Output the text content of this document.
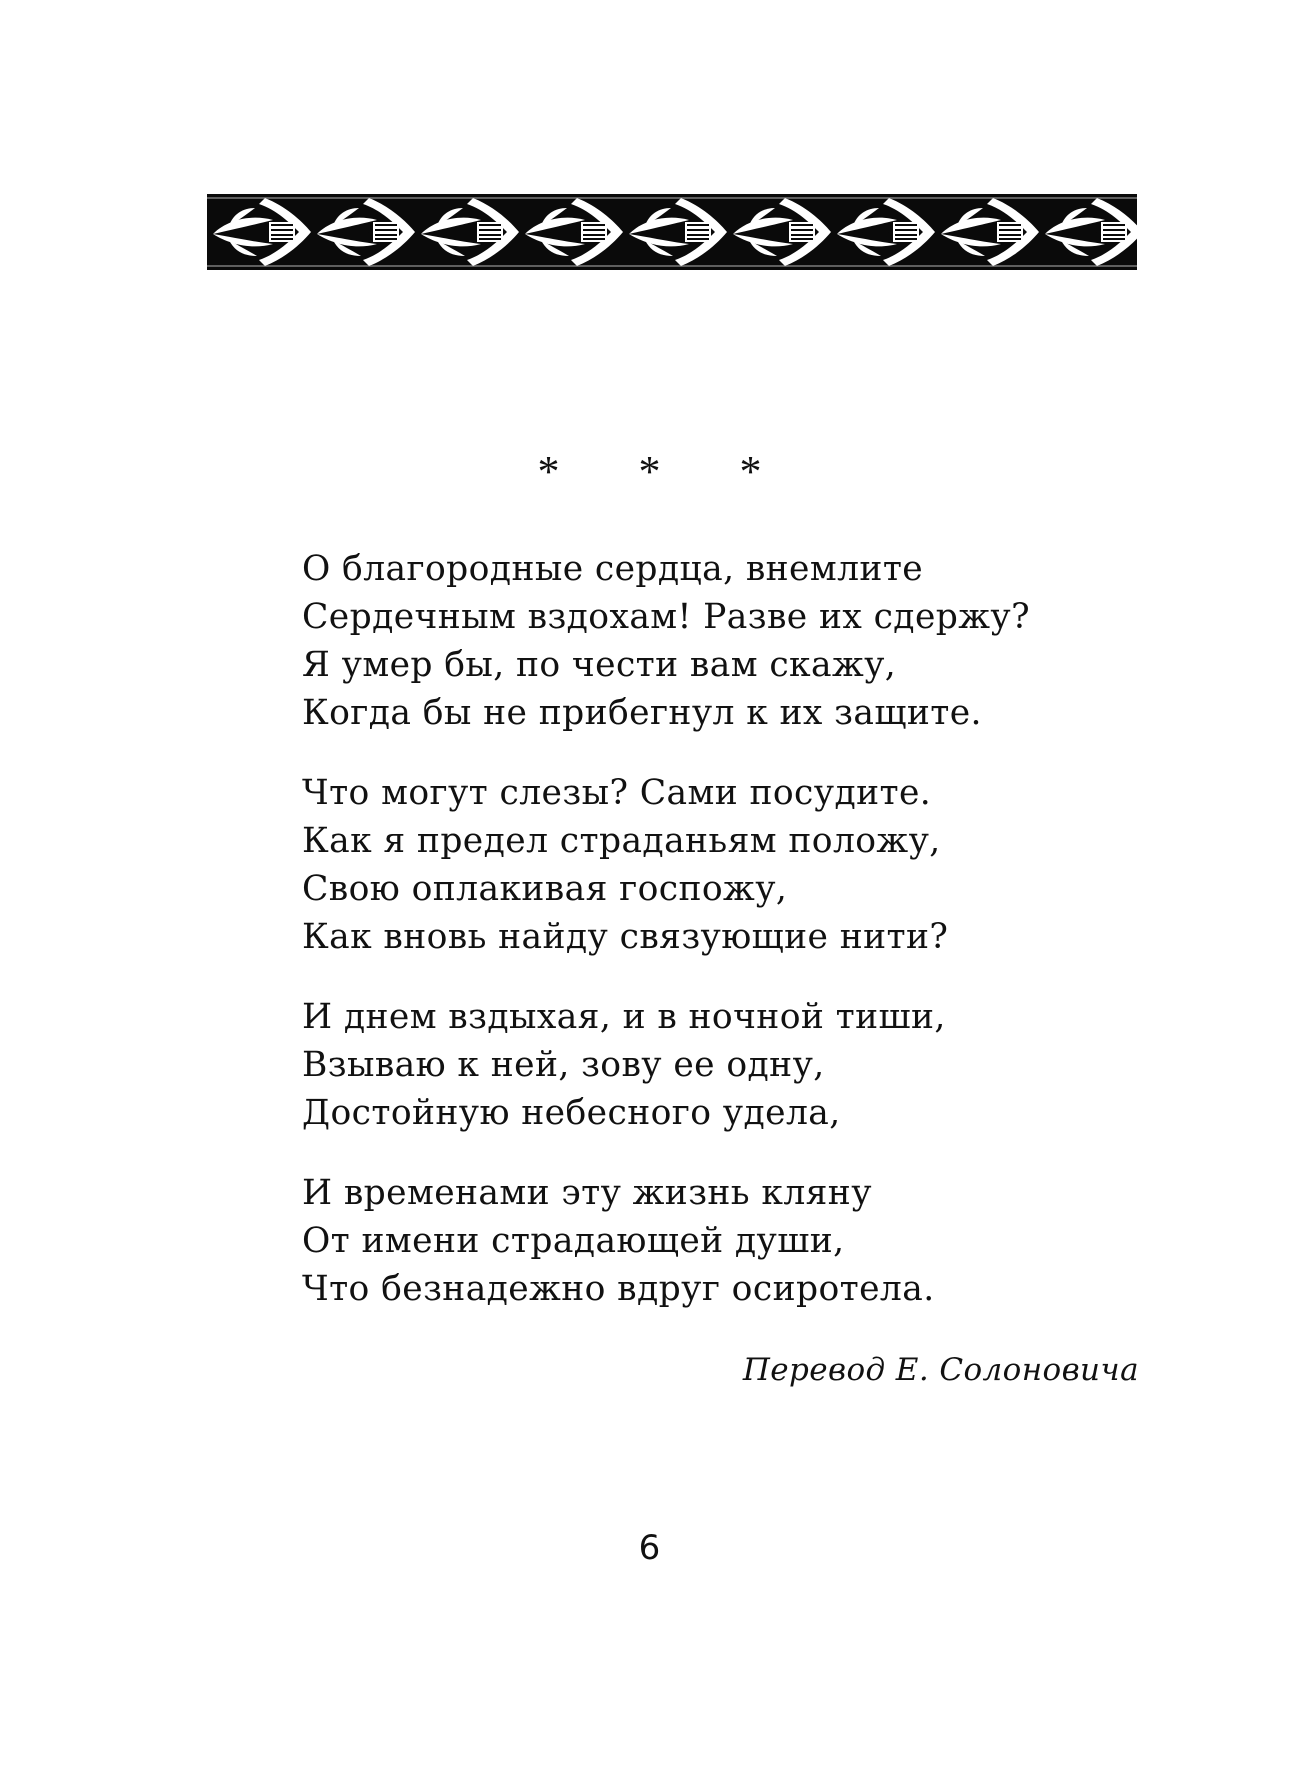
* * *
О благородные сердца, внемлите
Сердечным вздохам! Разве их сдержу?
Я умер бы, по чести вам скажу,
Когда бы не прибегнул к их защите.
Что могут слезы? Сами посудите.
Как я предел страданьям положу,
Свою оплакивая госпожу,
Как вновь найду связующие нити?
И днем вздыхая, и в ночной тиши,
Взываю к ней, зову ее одну,
Достойную небесного удела,
И временами эту жизнь кляну
От имени страдающей души,
Что безнадежно вдруг осиротела.
Перевод Е. Солоновича
6
